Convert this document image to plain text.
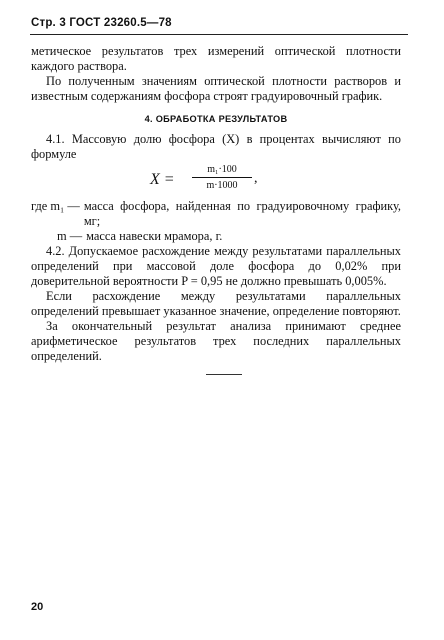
Стр. 3 ГОСТ 23260.5—78

метическое результатов трех измерений оптической плотности каждого раствора.

По полученным значениям оптической плотности растворов и известным содержаниям фосфора строят градуировочный график.

4. ОБРАБОТКА РЕЗУЛЬТАТОВ

4.1. Массовую долю фосфора (X) в процентах вычисляют по формуле

X =
m₁·100
m·1000	,
где m₁ — масса фосфора, найденная по градуировочному графику, мг;
m — масса навески мрамора, г.

4.2. Допускаемое расхождение между результатами параллельных определений при массовой доле фосфора до 0,02% при доверительной вероятности P = 0,95 не должно превышать 0,005%.

Если расхождение между результатами параллельных определений превышает указанное значение, определение повторяют.

За окончательный результат анализа принимают среднее арифметическое результатов трех последних параллельных определений.

20
